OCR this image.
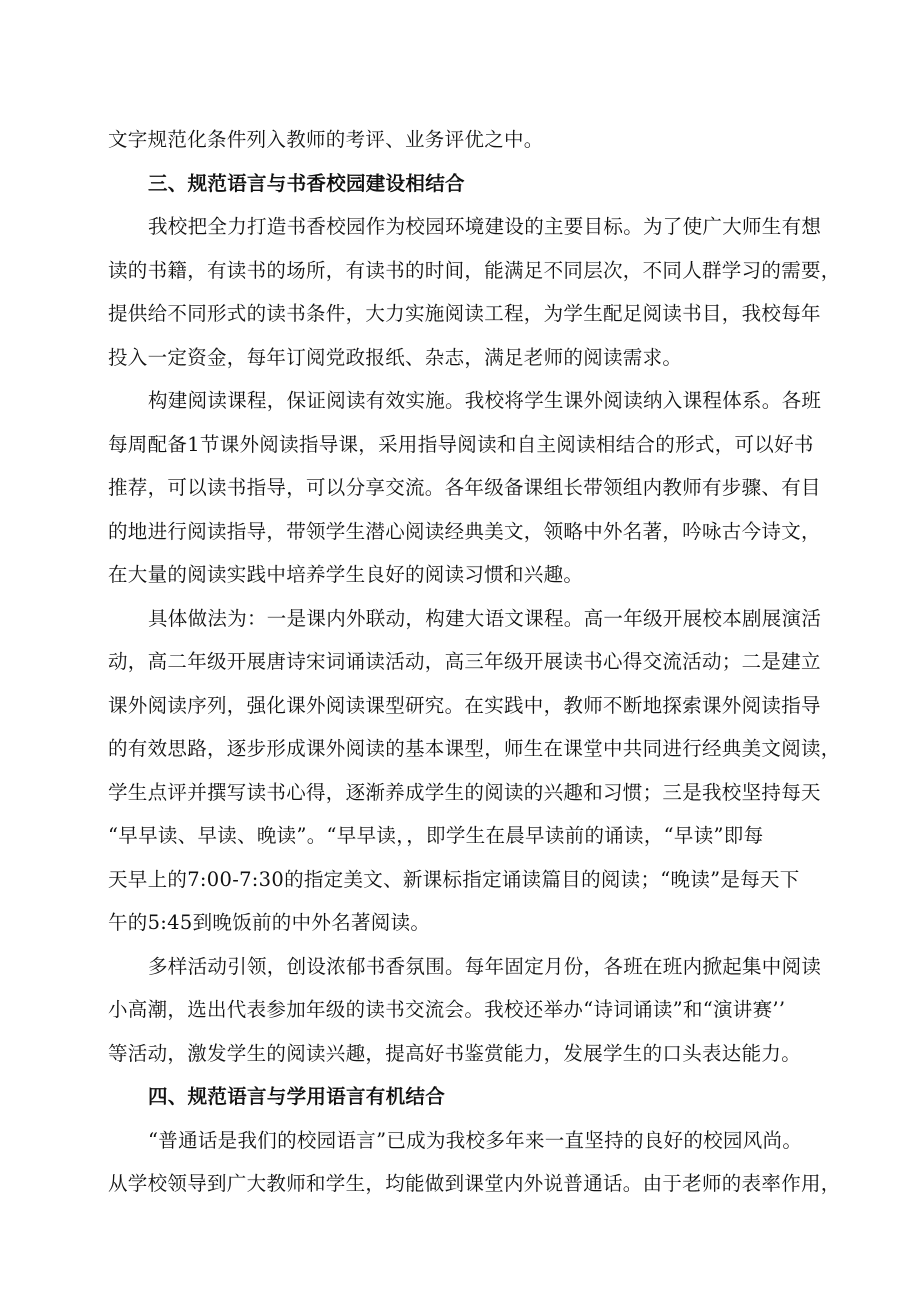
文字规范化条件列入教师的考评、业务评优之中。
三、规范语言与书香校园建设相结合
我校把全力打造书香校园作为校园环境建设的主要目标。为了使广大师生有想
读的书籍，有读书的场所，有读书的时间，能满足不同层次，不同人群学习的需要，
提供给不同形式的读书条件，大力实施阅读工程，为学生配足阅读书目，我校每年
投入一定资金，每年订阅党政报纸、杂志，满足老师的阅读需求。
构建阅读课程，保证阅读有效实施。我校将学生课外阅读纳入课程体系。各班
每周配备1节课外阅读指导课，采用指导阅读和自主阅读相结合的形式，可以好书
推荐，可以读书指导，可以分享交流。各年级备课组长带领组内教师有步骤、有目
的地进行阅读指导，带领学生潜心阅读经典美文，领略中外名著，吟咏古今诗文，
在大量的阅读实践中培养学生良好的阅读习惯和兴趣。
具体做法为：一是课内外联动，构建大语文课程。高一年级开展校本剧展演活
动，高二年级开展唐诗宋词诵读活动，高三年级开展读书心得交流活动；二是建立
课外阅读序列，强化课外阅读课型研究。在实践中，教师不断地探索课外阅读指导
的有效思路，逐步形成课外阅读的基本课型，师生在课堂中共同进行经典美文阅读，
学生点评并撰写读书心得，逐渐养成学生的阅读的兴趣和习惯；三是我校坚持每天
“早早读、早读、晚读”。“早早读，，即学生在晨早读前的诵读，“早读”即每
天早上的7:00-7:30的指定美文、新课标指定诵读篇目的阅读；“晚读”是每天下
午的5:45到晚饭前的中外名著阅读。
多样活动引领，创设浓郁书香氛围。每年固定月份，各班在班内掀起集中阅读
小高潮，选出代表参加年级的读书交流会。我校还举办“诗词诵读”和“演讲赛’’
等活动，激发学生的阅读兴趣，提高好书鉴赏能力，发展学生的口头表达能力。
四、规范语言与学用语言有机结合
“普通话是我们的校园语言”已成为我校多年来一直坚持的良好的校园风尚。
从学校领导到广大教师和学生，均能做到课堂内外说普通话。由于老师的表率作用，
